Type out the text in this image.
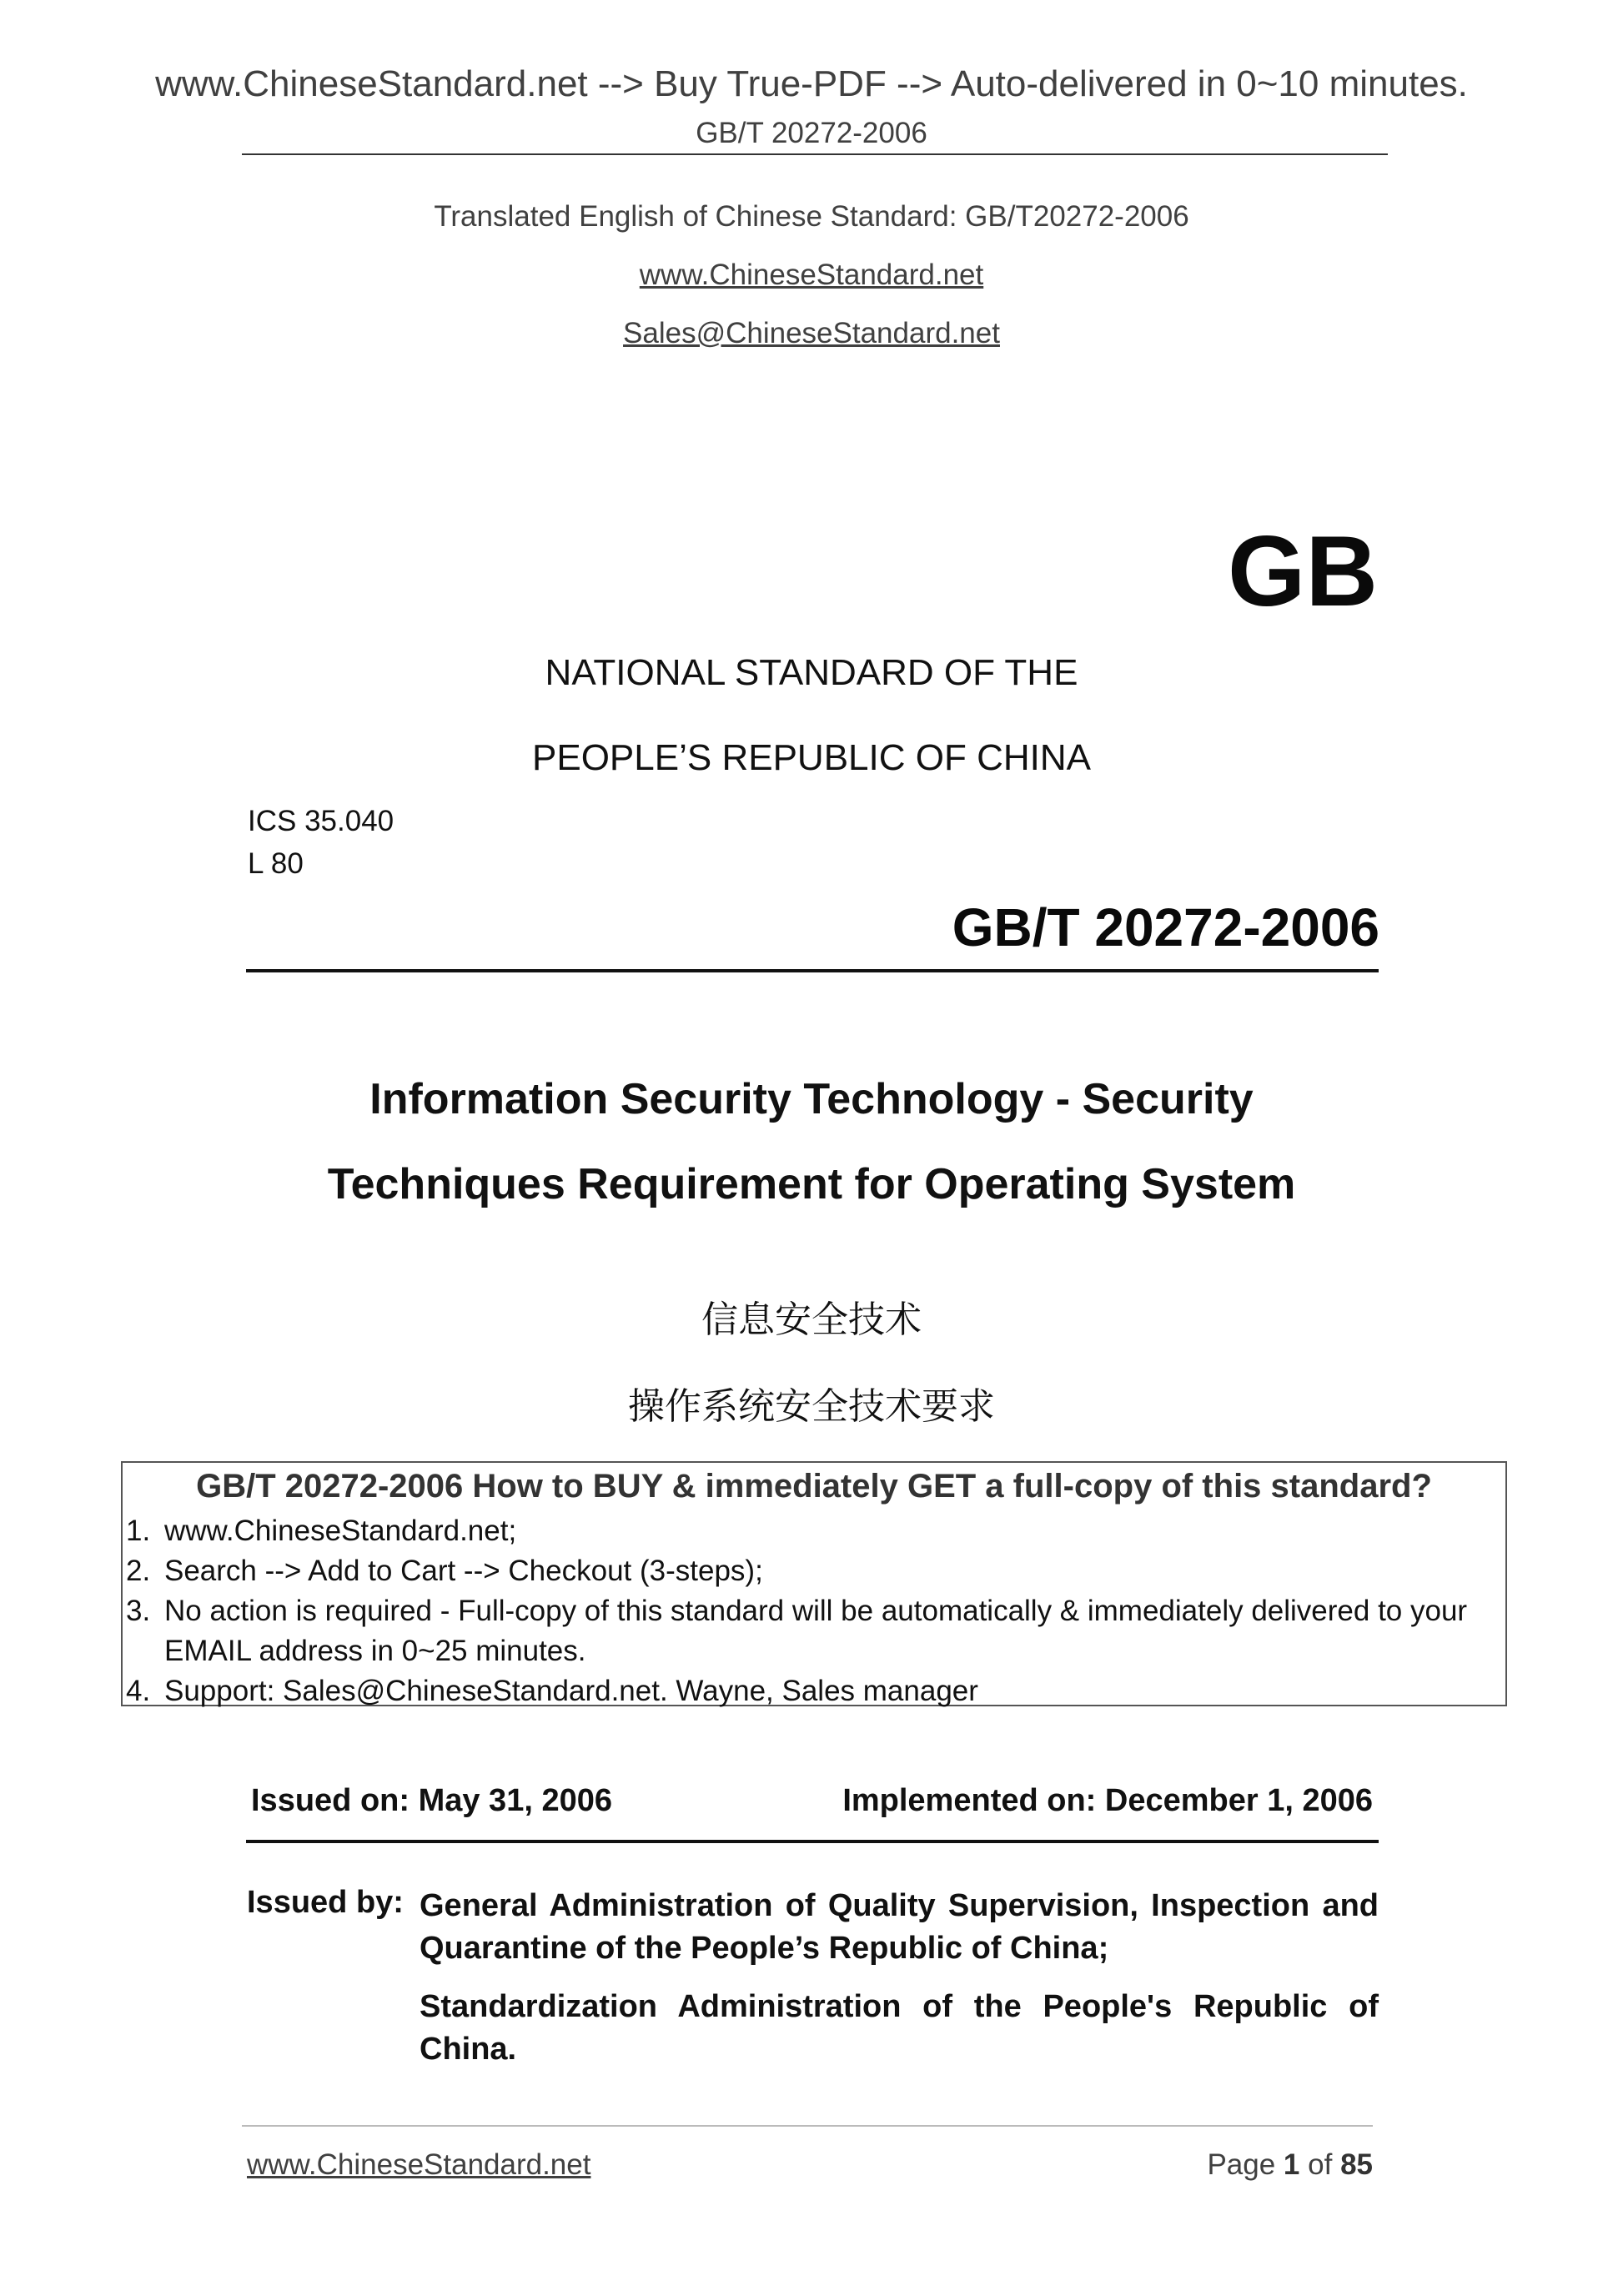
www.ChineseStandard.net --> Buy True-PDF --> Auto-delivered in 0~10 minutes.
GB/T 20272-2006
Translated English of Chinese Standard: GB/T20272-2006
www.ChineseStandard.net
Sales@ChineseStandard.net
GB
NATIONAL STANDARD OF THE
PEOPLE’S REPUBLIC OF CHINA
ICS 35.040
L 80
GB/T 20272-2006
Information Security Technology - Security
Techniques Requirement for Operating System
信息安全技术
操作系统安全技术要求
GB/T 20272-2006 How to BUY & immediately GET a full-copy of this standard?
1. www.ChineseStandard.net;
2. Search --> Add to Cart --> Checkout (3-steps);
3. No action is required - Full-copy of this standard will be automatically & immediately delivered to your EMAIL address in 0~25 minutes.
4. Support: Sales@ChineseStandard.net. Wayne, Sales manager
Issued on: May 31, 2006	Implemented on: December 1, 2006
Issued by: General Administration of Quality Supervision, Inspection and Quarantine of the People’s Republic of China;
Standardization Administration of the People's Republic of China.
www.ChineseStandard.net	Page 1 of 85
